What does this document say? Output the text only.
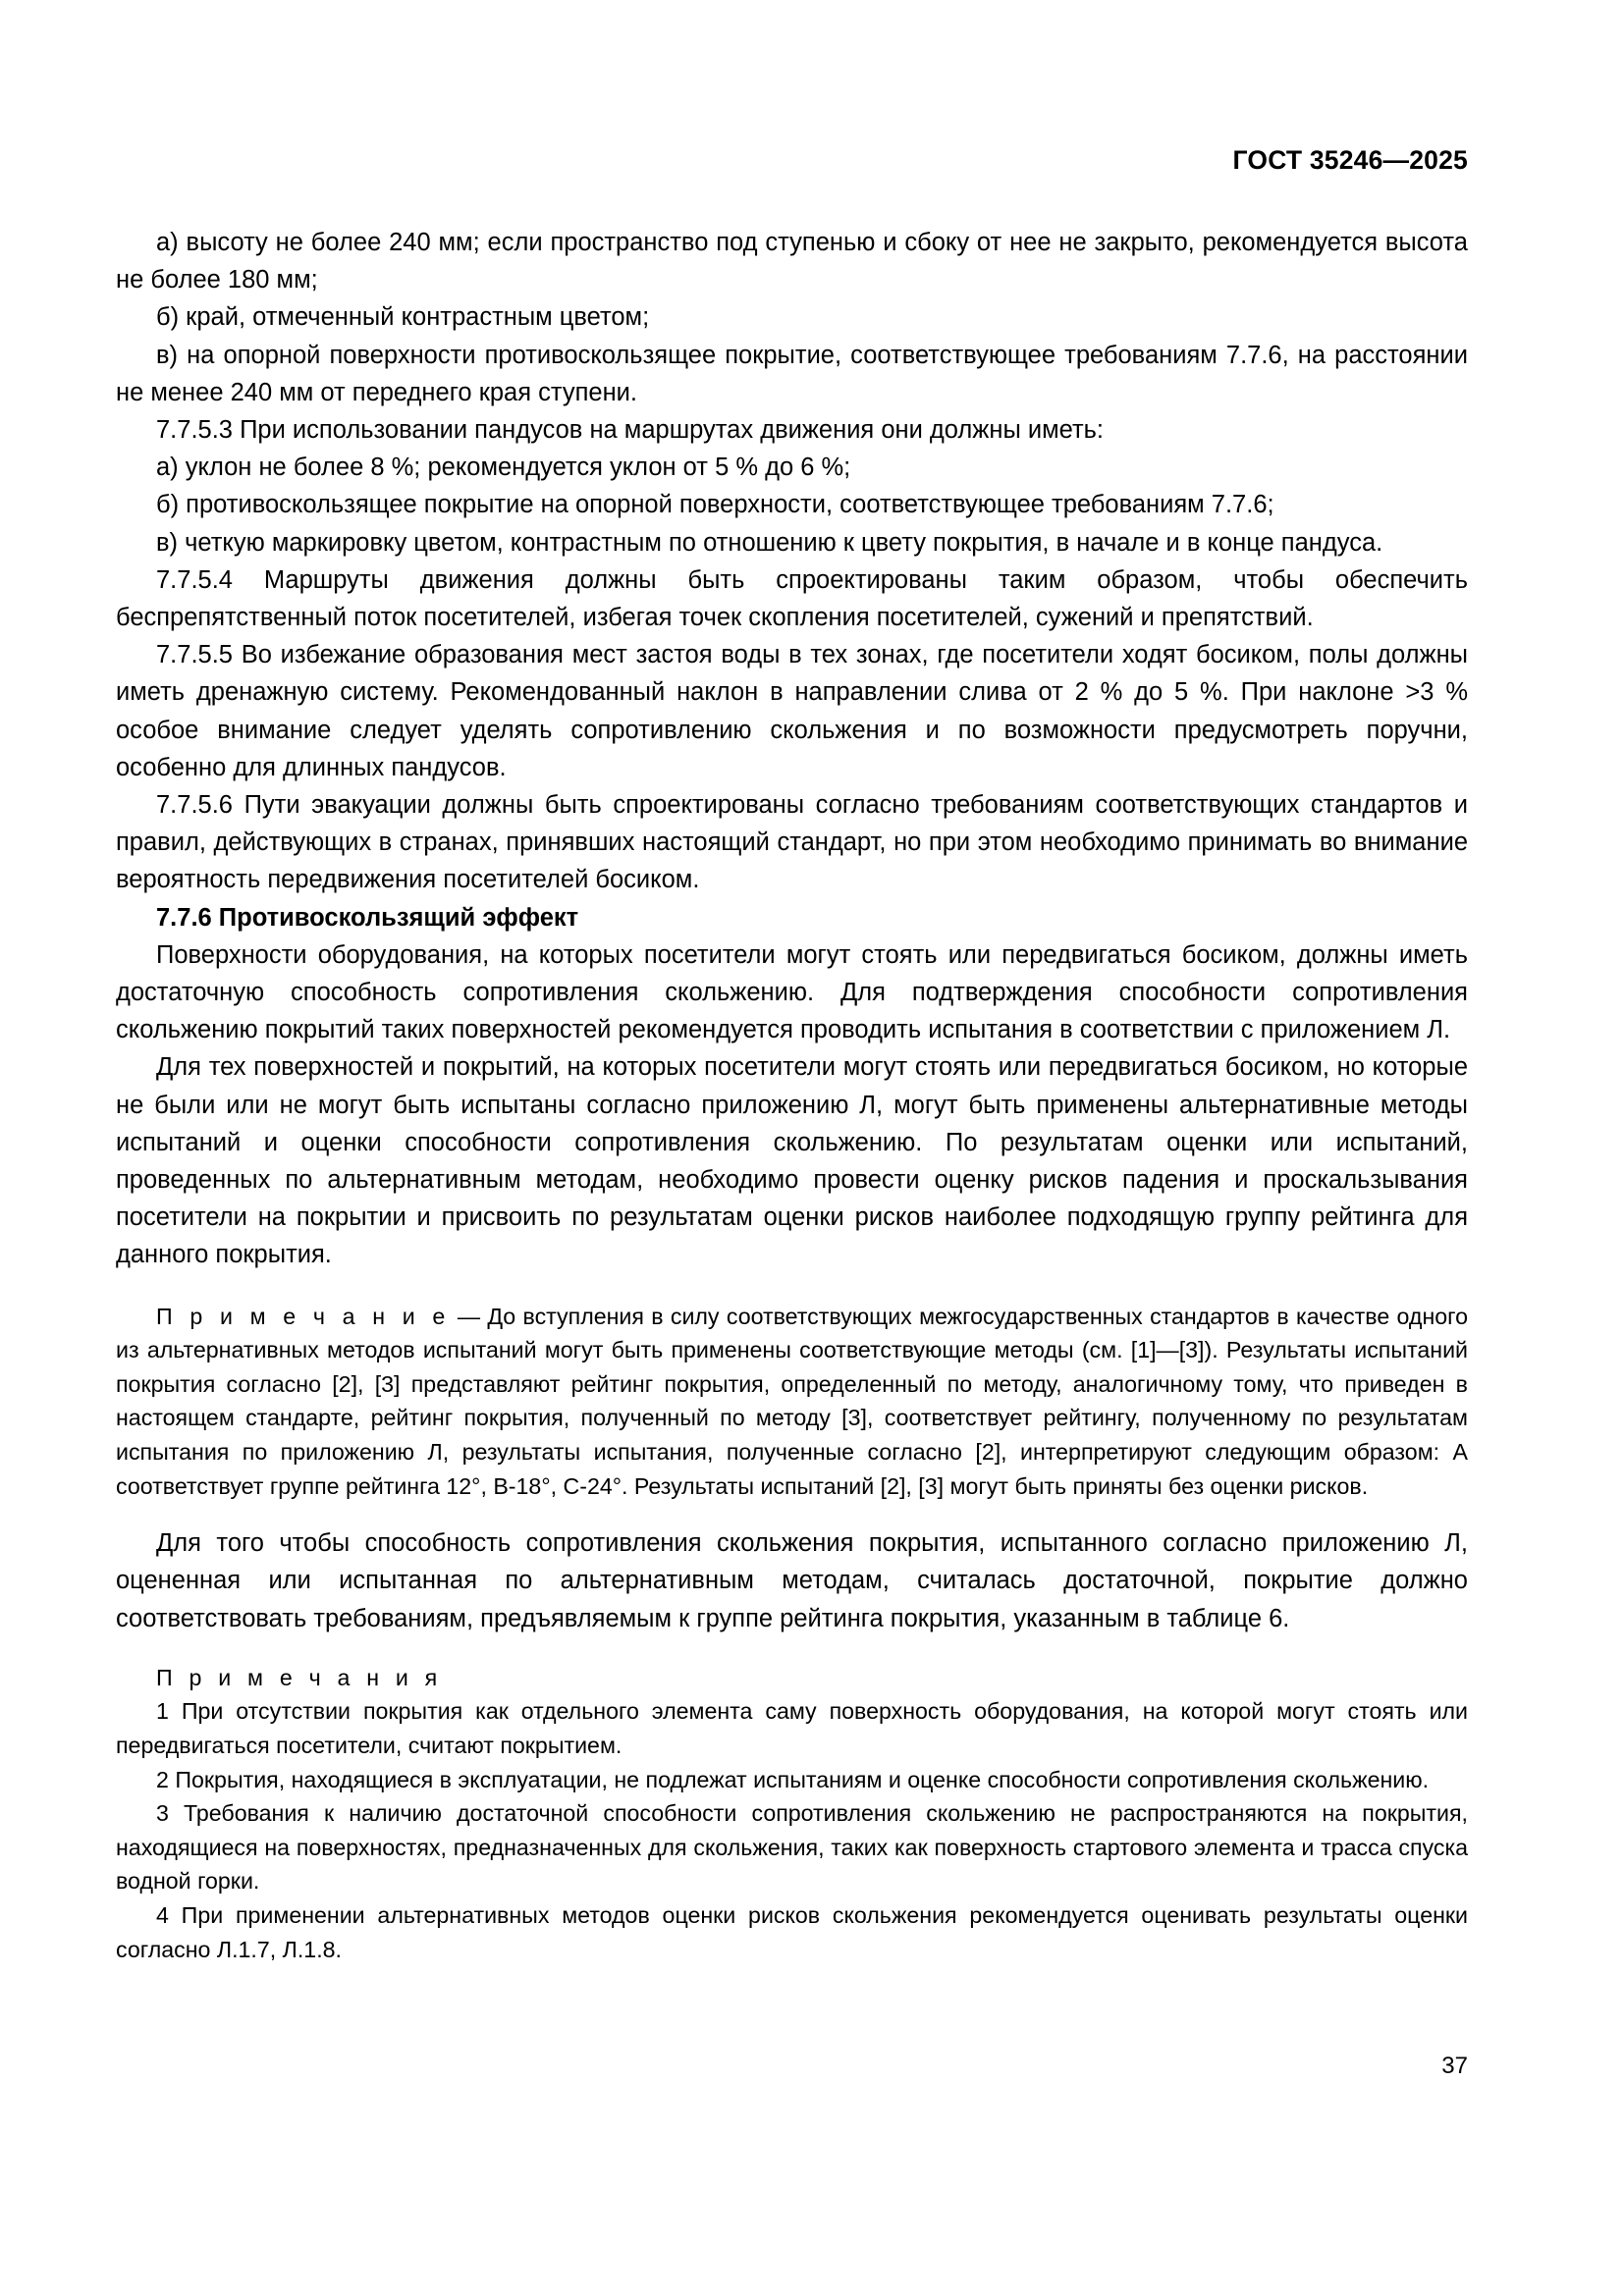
ГОСТ 35246—2025

а) высоту не более 240 мм; если пространство под ступенью и сбоку от нее не закрыто, рекомендуется высота не более 180 мм;

б) край, отмеченный контрастным цветом;

в) на опорной поверхности противоскользящее покрытие, соответствующее требованиям 7.7.6, на расстоянии не менее 240 мм от переднего края ступени.

7.7.5.3 При использовании пандусов на маршрутах движения они должны иметь:

а) уклон не более 8 %; рекомендуется уклон от 5 % до 6 %;

б) противоскользящее покрытие на опорной поверхности, соответствующее требованиям 7.7.6;

в) четкую маркировку цветом, контрастным по отношению к цвету покрытия, в начале и в конце пандуса.

7.7.5.4 Маршруты движения должны быть спроектированы таким образом, чтобы обеспечить беспрепятственный поток посетителей, избегая точек скопления посетителей, сужений и препятствий.

7.7.5.5 Во избежание образования мест застоя воды в тех зонах, где посетители ходят босиком, полы должны иметь дренажную систему. Рекомендованный наклон в направлении слива от 2 % до 5 %. При наклоне >3 % особое внимание следует уделять сопротивлению скольжения и по возможности предусмотреть поручни, особенно для длинных пандусов.

7.7.5.6 Пути эвакуации должны быть спроектированы согласно требованиям соответствующих стандартов и правил, действующих в странах, принявших настоящий стандарт, но при этом необходимо принимать во внимание вероятность передвижения посетителей босиком.

7.7.6 Противоскользящий эффект

Поверхности оборудования, на которых посетители могут стоять или передвигаться босиком, должны иметь достаточную способность сопротивления скольжению. Для подтверждения способности сопротивления скольжению покрытий таких поверхностей рекомендуется проводить испытания в соответствии с приложением Л.

Для тех поверхностей и покрытий, на которых посетители могут стоять или передвигаться босиком, но которые не были или не могут быть испытаны согласно приложению Л, могут быть применены альтернативные методы испытаний и оценки способности сопротивления скольжению. По результатам оценки или испытаний, проведенных по альтернативным методам, необходимо провести оценку рисков падения и проскальзывания посетители на покрытии и присвоить по результатам оценки рисков наиболее подходящую группу рейтинга для данного покрытия.

П р и м е ч а н и е — До вступления в силу соответствующих межгосударственных стандартов в качестве одного из альтернативных методов испытаний могут быть применены соответствующие методы (см. [1]—[3]). Результаты испытаний покрытия согласно [2], [3] представляют рейтинг покрытия, определенный по методу, аналогичному тому, что приведен в настоящем стандарте, рейтинг покрытия, полученный по методу [3], соответствует рейтингу, полученному по результатам испытания по приложению Л, результаты испытания, полученные согласно [2], интерпретируют следующим образом: А соответствует группе рейтинга 12°, B-18°, C-24°. Результаты испытаний [2], [3] могут быть приняты без оценки рисков.

Для того чтобы способность сопротивления скольжения покрытия, испытанного согласно приложению Л, оцененная или испытанная по альтернативным методам, считалась достаточной, покрытие должно соответствовать требованиям, предъявляемым к группе рейтинга покрытия, указанным в таблице 6.

П р и м е ч а н и я

1 При отсутствии покрытия как отдельного элемента саму поверхность оборудования, на которой могут стоять или передвигаться посетители, считают покрытием.

2 Покрытия, находящиеся в эксплуатации, не подлежат испытаниям и оценке способности сопротивления скольжению.

3 Требования к наличию достаточной способности сопротивления скольжению не распространяются на покрытия, находящиеся на поверхностях, предназначенных для скольжения, таких как поверхность стартового элемента и трасса спуска водной горки.

4 При применении альтернативных методов оценки рисков скольжения рекомендуется оценивать результаты оценки согласно Л.1.7, Л.1.8.

37
